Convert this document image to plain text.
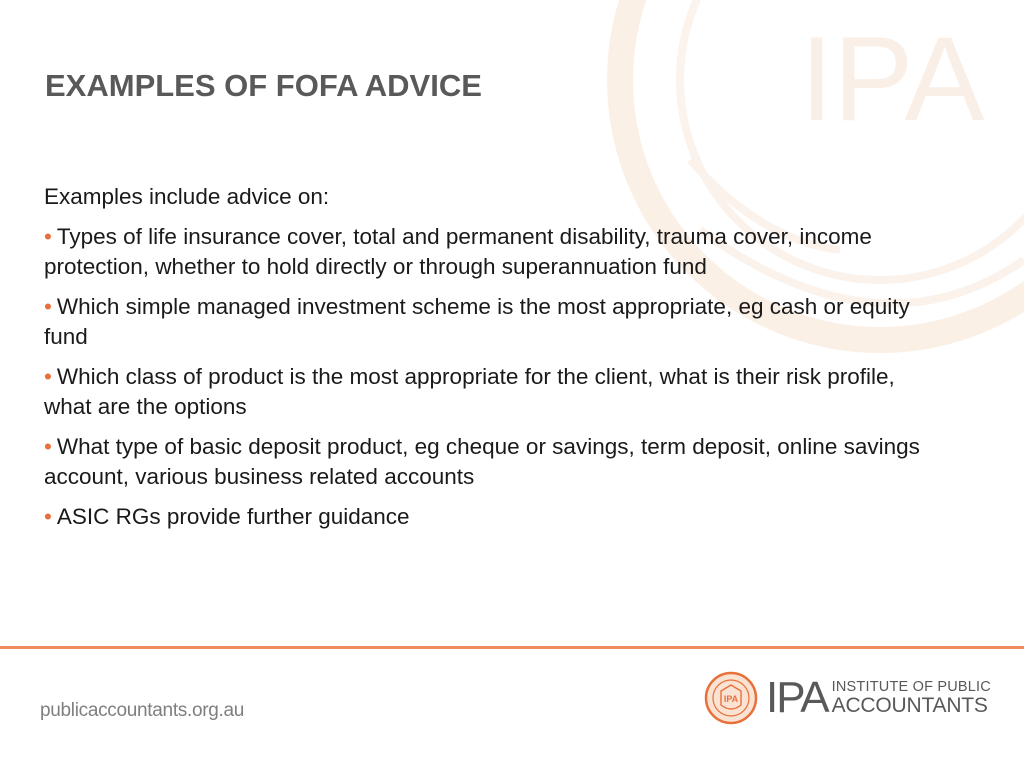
IPA
EXAMPLES OF FOFA ADVICE

Examples include advice on:

• Types of life insurance cover, total and permanent disability, trauma cover, income protection, whether to hold directly or through superannuation fund
• Which simple managed investment scheme is the most appropriate, eg cash or equity fund
• Which class of product is the most appropriate for the client, what is their risk profile, what are the options
• What type of basic deposit product, eg cheque or savings, term deposit, online savings account, various business related accounts
• ASIC RGs provide further guidance
publicaccountants.org.au
IPA IPA INSTITUTE OF PUBLIC
ACCOUNTANTS
